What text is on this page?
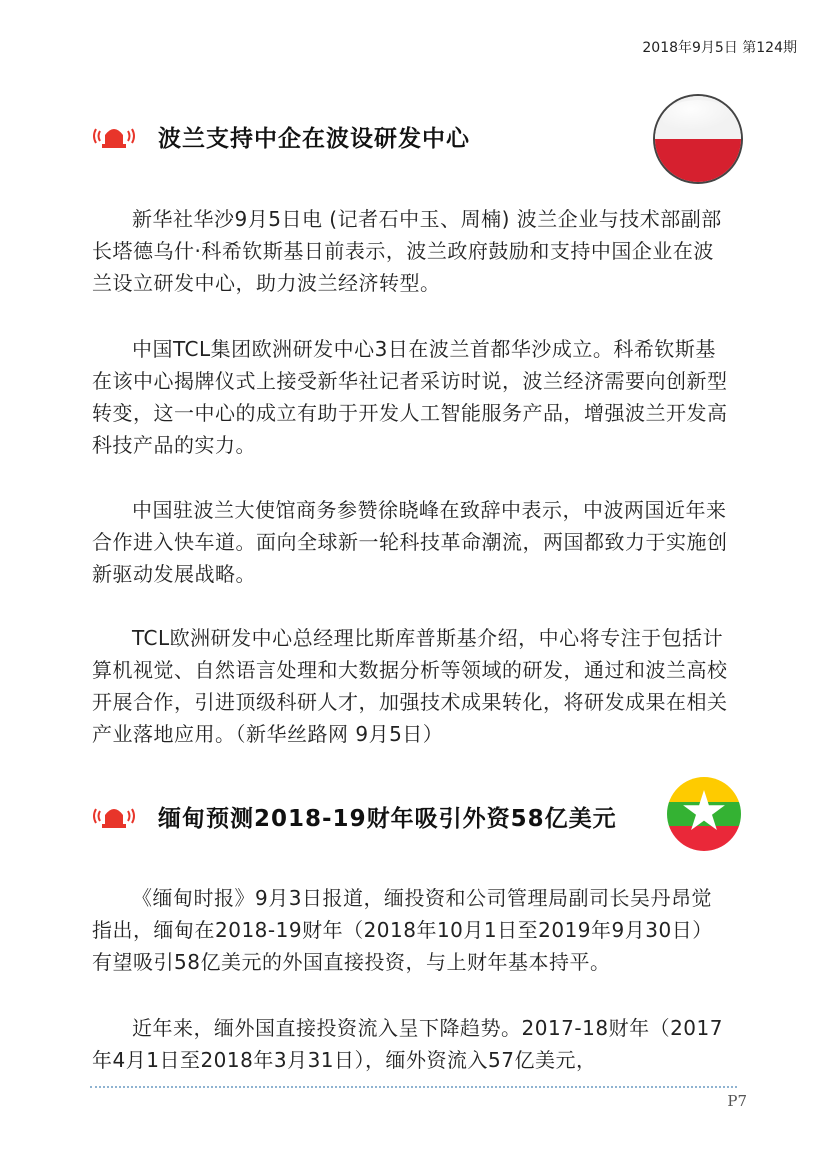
2018年9月5日 第124期
波兰支持中企在波设研发中心

新华社华沙9月5日电 (记者石中玉、周楠) 波兰企业与技术部副部长塔德乌什·科希钦斯基日前表示，波兰政府鼓励和支持中国企业在波兰设立研发中心，助力波兰经济转型。

中国TCL集团欧洲研发中心3日在波兰首都华沙成立。科希钦斯基在该中心揭牌仪式上接受新华社记者采访时说，波兰经济需要向创新型转变，这一中心的成立有助于开发人工智能服务产品，增强波兰开发高科技产品的实力。

中国驻波兰大使馆商务参赞徐晓峰在致辞中表示，中波两国近年来合作进入快车道。面向全球新一轮科技革命潮流，两国都致力于实施创新驱动发展战略。

TCL欧洲研发中心总经理比斯库普斯基介绍，中心将专注于包括计算机视觉、自然语言处理和大数据分析等领域的研发，通过和波兰高校开展合作，引进顶级科研人才，加强技术成果转化，将研发成果在相关产业落地应用。（新华丝路网 9月5日）

缅甸预测2018-19财年吸引外资58亿美元

《缅甸时报》9月3日报道，缅投资和公司管理局副司长吴丹昂觉指出，缅甸在2018-19财年（2018年10月1日至2019年9月30日）有望吸引58亿美元的外国直接投资，与上财年基本持平。

近年来，缅外国直接投资流入呈下降趋势。2017-18财年（2017年4月1日至2018年3月31日），缅外资流入57亿美元，

P7
